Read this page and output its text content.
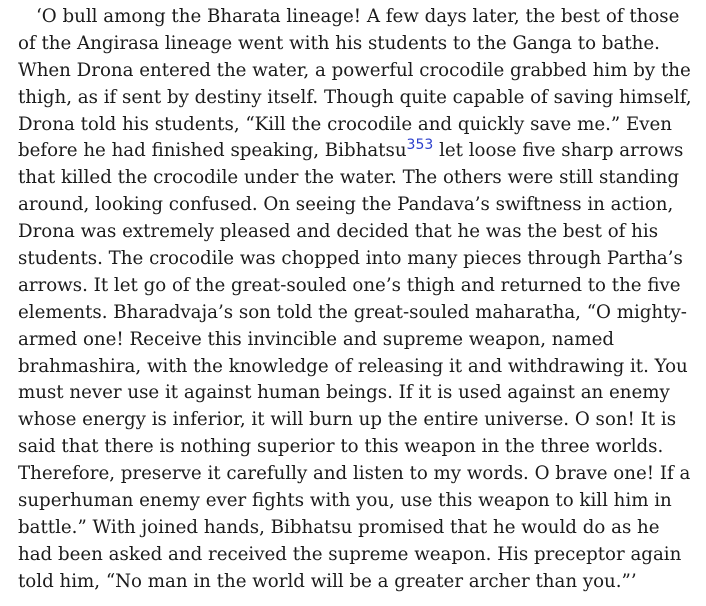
‘O bull among the Bharata lineage! A few days later, the best of those
of the Angirasa lineage went with his students to the Ganga to bathe.
When Drona entered the water, a powerful crocodile grabbed him by the
thigh, as if sent by destiny itself. Though quite capable of saving himself,
Drona told his students, “Kill the crocodile and quickly save me.” Even
before he had finished speaking, Bibhatsu$^{353}$ let loose five sharp arrows
that killed the crocodile under the water. The others were still standing
around, looking confused. On seeing the Pandava’s swiftness in action,
Drona was extremely pleased and decided that he was the best of his
students. The crocodile was chopped into many pieces through Partha’s
arrows. It let go of the great-souled one’s thigh and returned to the five
elements. Bharadvaja’s son told the great-souled maharatha, “O mighty-
armed one! Receive this invincible and supreme weapon, named
brahmashira, with the knowledge of releasing it and withdrawing it. You
must never use it against human beings. If it is used against an enemy
whose energy is inferior, it will burn up the entire universe. O son! It is
said that there is nothing superior to this weapon in the three worlds.
Therefore, preserve it carefully and listen to my words. O brave one! If a
superhuman enemy ever fights with you, use this weapon to kill him in
battle.” With joined hands, Bibhatsu promised that he would do as he
had been asked and received the supreme weapon. His preceptor again
told him, “No man in the world will be a greater archer than you.”’
